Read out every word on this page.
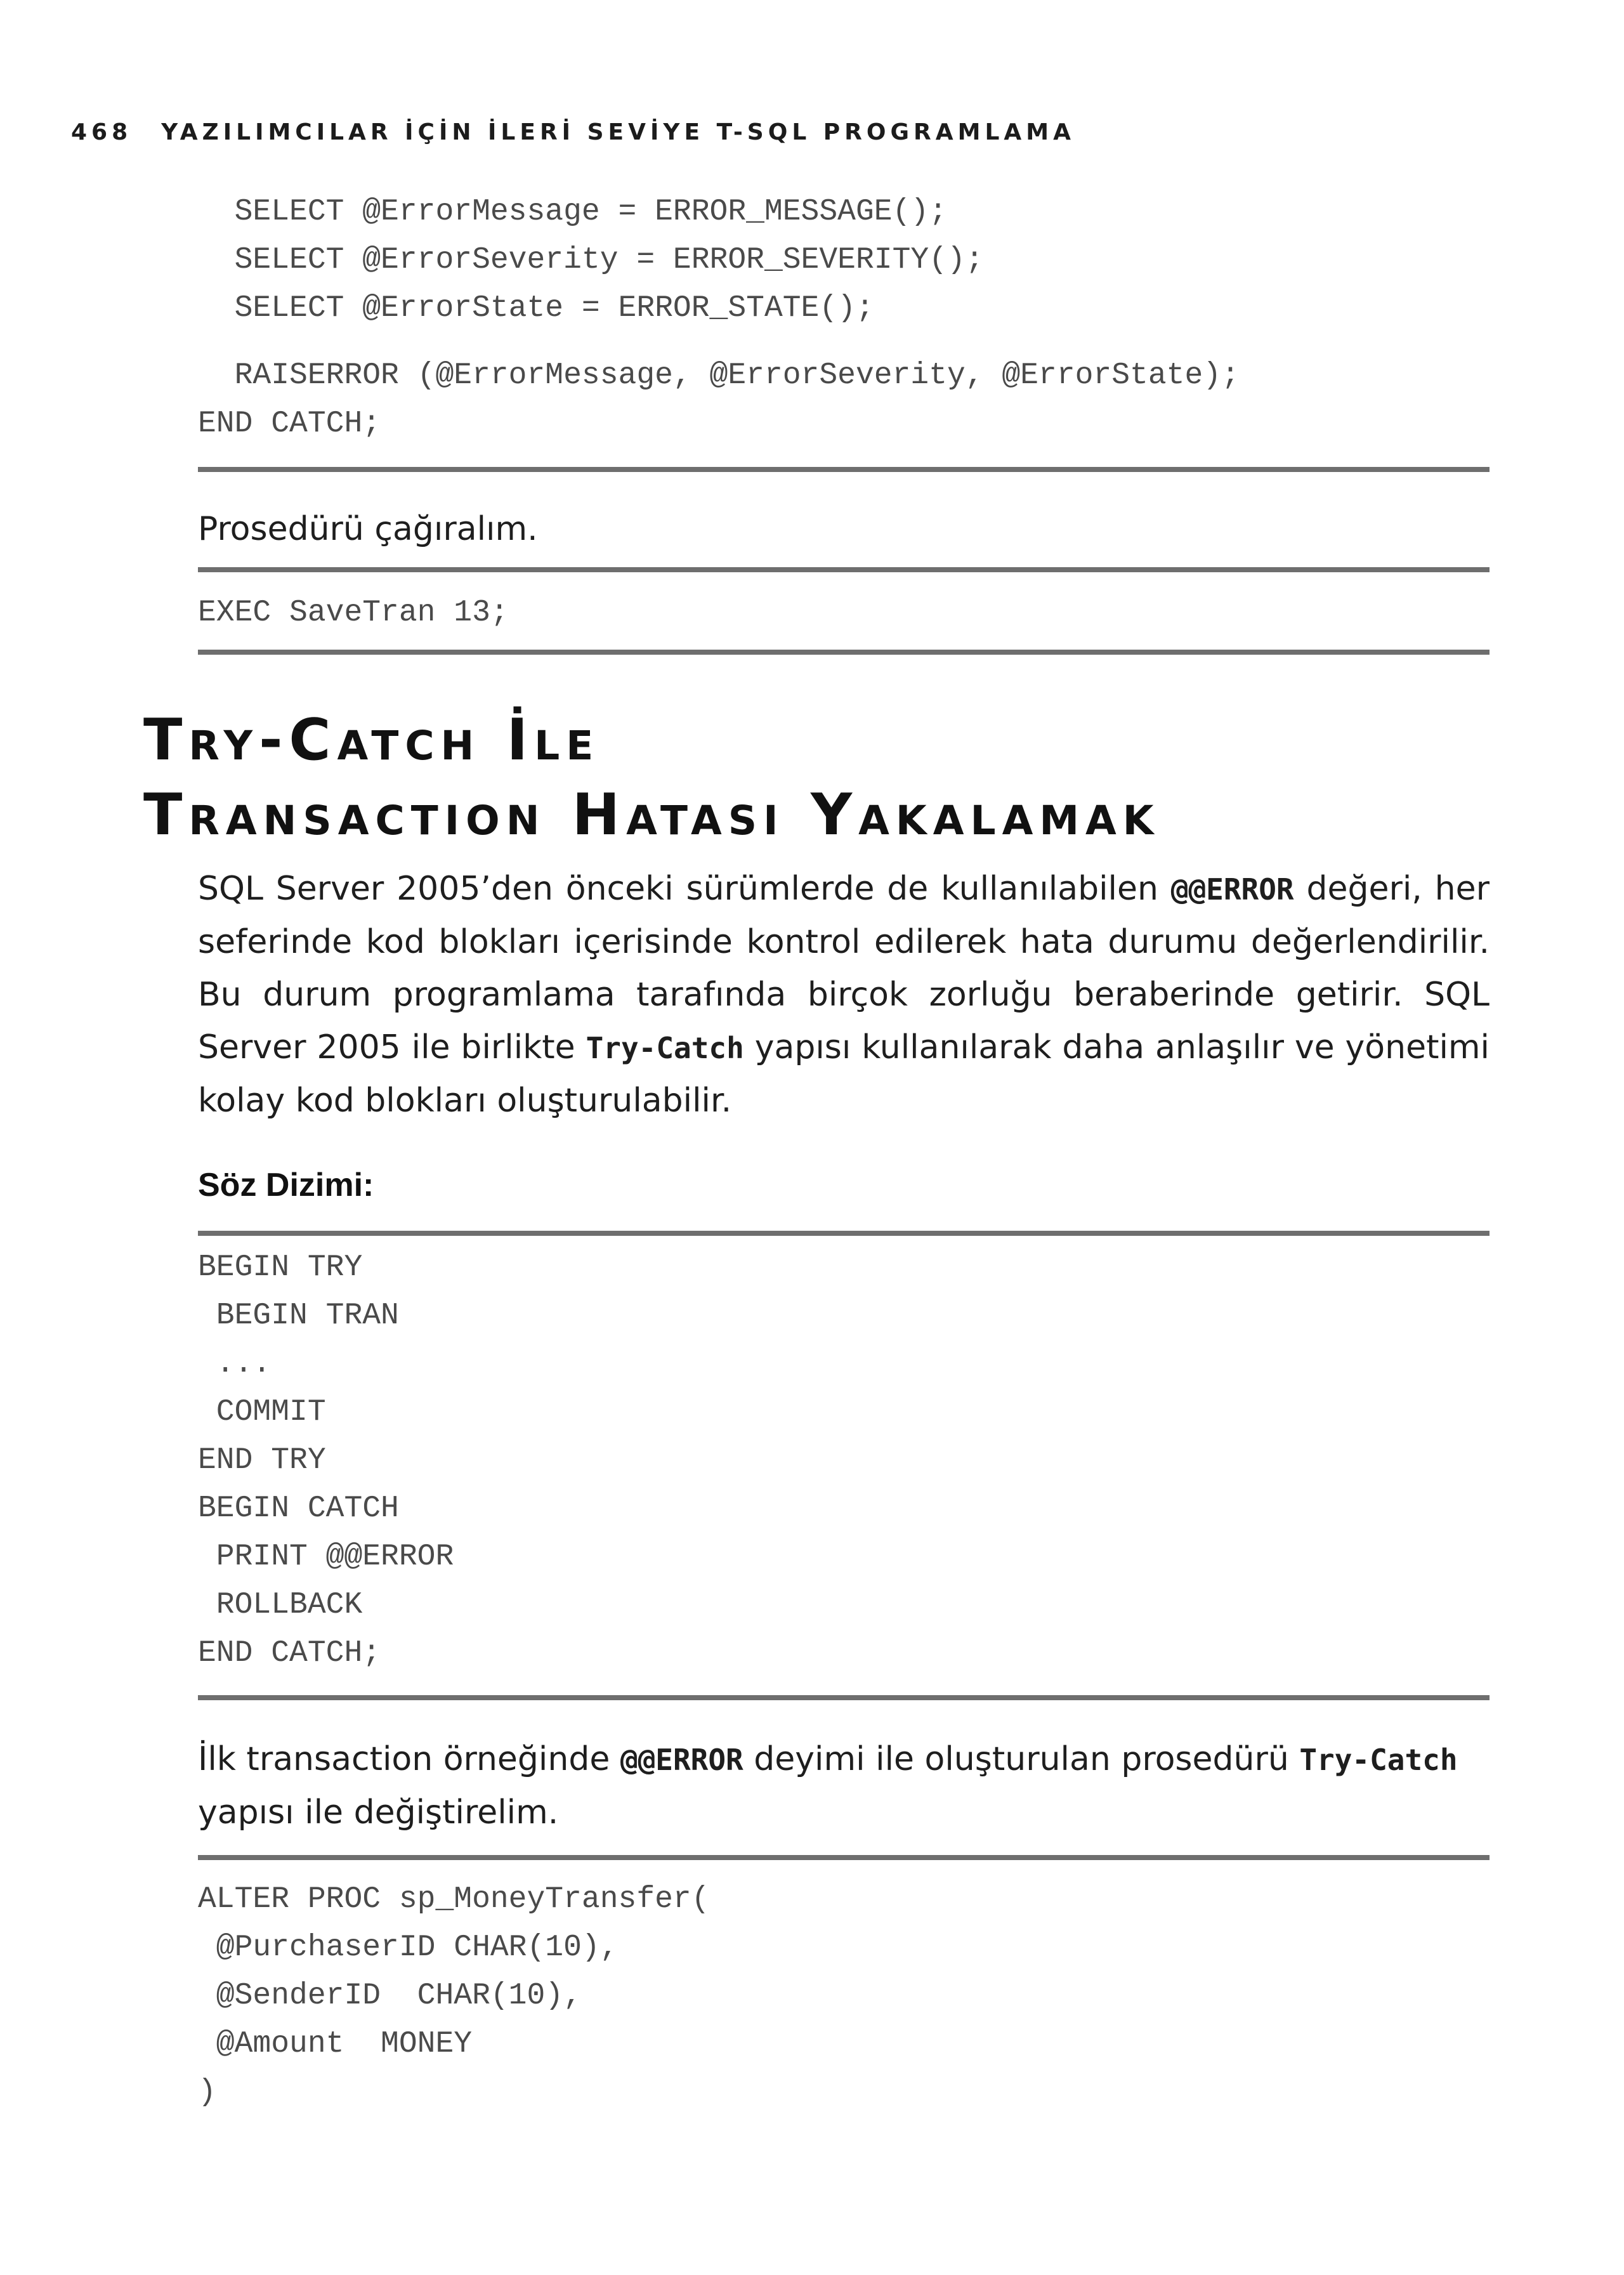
468 YAZILIMCILAR İÇİN İLERİ SEVİYE T-SQL PROGRAMLAMA
SELECT @ErrorMessage = ERROR_MESSAGE();
SELECT @ErrorSeverity = ERROR_SEVERITY();
SELECT @ErrorState = ERROR_STATE();
RAISERROR (@ErrorMessage, @ErrorSeverity, @ErrorState);
END CATCH;

Prosedürü çağıralım.

EXEC SaveTran 13;
Try-Catch İle
Transaction Hatası Yakalamak

SQL Server 2005’den önceki sürümlerde de kullanılabilen @@ERROR değeri, her seferinde kod blokları içerisinde kontrol edilerek hata durumu değerlendirilir. Bu durum programlama tarafında birçok zorluğu beraberinde getirir. SQL Server 2005 ile birlikte Try-Catch yapısı kullanılarak daha anlaşılır ve yönetimi kolay kod blokları oluşturulabilir.

Söz Dizimi:
BEGIN TRY
BEGIN TRAN
...
COMMIT
END TRY
BEGIN CATCH
PRINT @@ERROR
ROLLBACK
END CATCH;

İlk transaction örneğinde @@ERROR deyimi ile oluşturulan prosedürü Try-Catch yapısı ile değiştirelim.

ALTER PROC sp_MoneyTransfer(
@PurchaserID CHAR(10),
@SenderID  CHAR(10),
@Amount  MONEY
)
